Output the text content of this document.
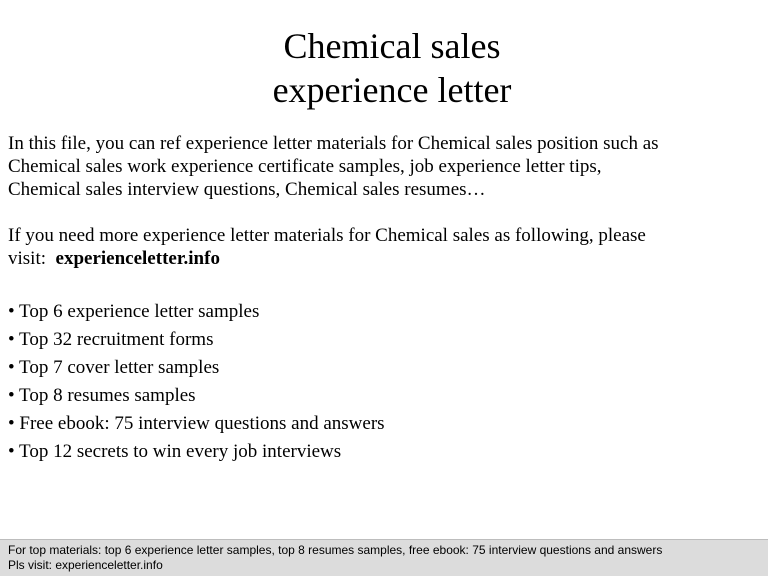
Chemical sales
experience letter

In this file, you can ref experience letter materials for Chemical sales position such as

Chemical sales work experience certificate samples, job experience letter tips,

Chemical sales interview questions, Chemical sales resumes…

If you need more experience letter materials for Chemical sales as following, please

visit: experienceletter.info

• Top 6 experience letter samples
• Top 32 recruitment forms
• Top 7 cover letter samples
• Top 8 resumes samples
• Free ebook: 75 interview questions and answers
• Top 12 secrets to win every job interviews
For top materials: top 6 experience letter samples, top 8 resumes samples, free ebook: 75 interview questions and answers
Pls visit: experienceletter.info
